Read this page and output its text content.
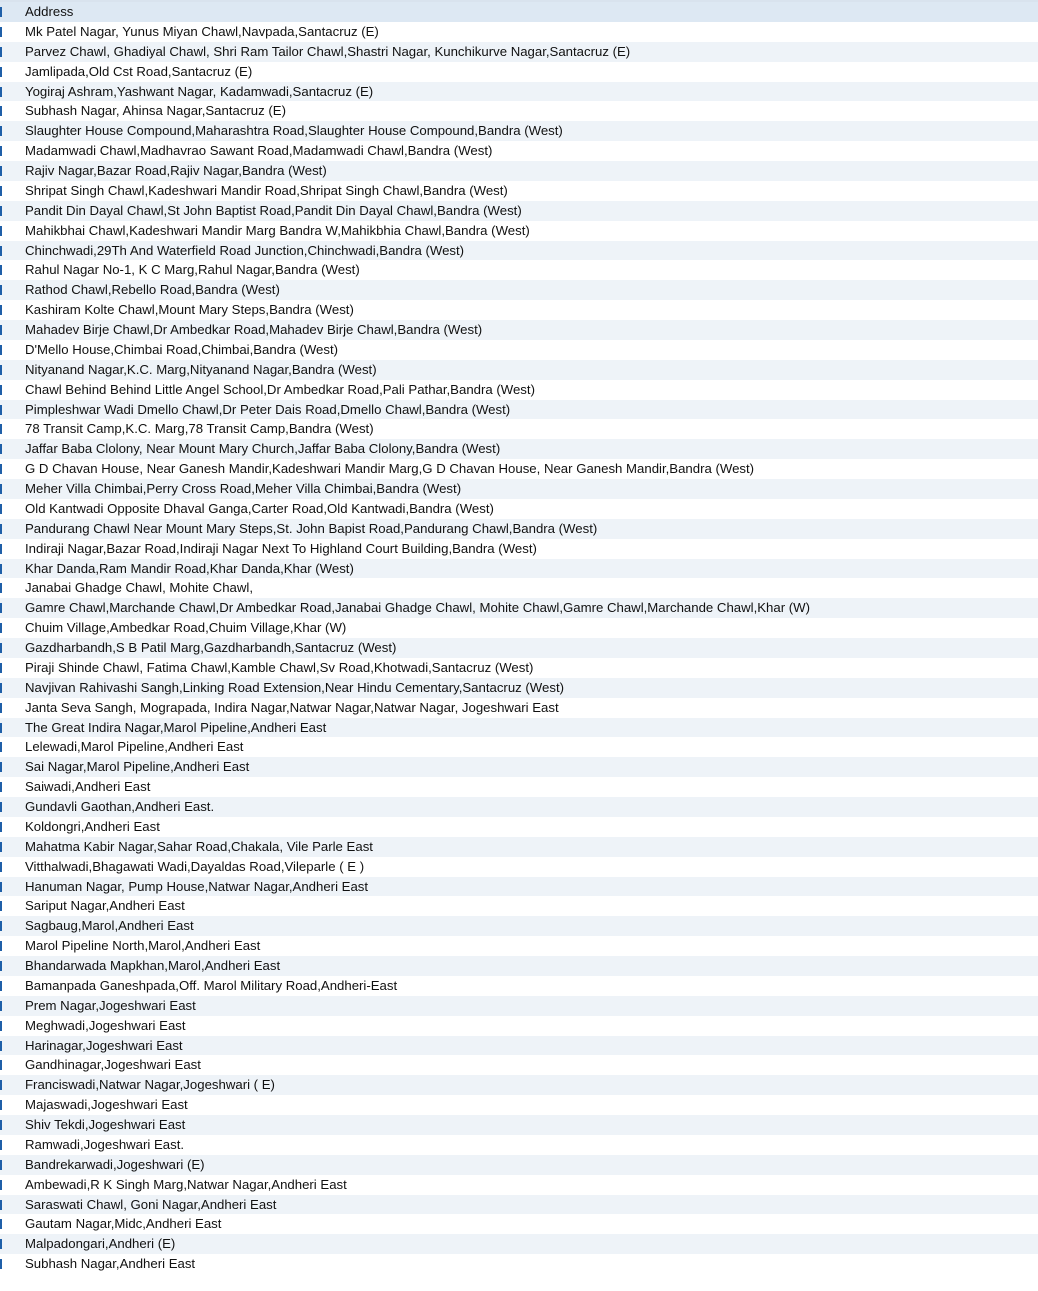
Address
Mk Patel Nagar, Yunus Miyan Chawl,Navpada,Santacruz (E)
Parvez Chawl, Ghadiyal Chawl, Shri Ram Tailor Chawl,Shastri Nagar, Kunchikurve Nagar,Santacruz (E)
Jamlipada,Old Cst Road,Santacruz (E)
Yogiraj Ashram,Yashwant Nagar, Kadamwadi,Santacruz (E)
Subhash Nagar, Ahinsa Nagar,Santacruz (E)
Slaughter House Compound,Maharashtra Road,Slaughter House Compound,Bandra (West)
Madamwadi Chawl,Madhavrao Sawant Road,Madamwadi Chawl,Bandra (West)
Rajiv Nagar,Bazar Road,Rajiv Nagar,Bandra (West)
Shripat Singh Chawl,Kadeshwari Mandir Road,Shripat Singh Chawl,Bandra (West)
Pandit Din Dayal Chawl,St John Baptist Road,Pandit Din Dayal Chawl,Bandra (West)
Mahikbhai Chawl,Kadeshwari Mandir Marg Bandra W,Mahikbhia Chawl,Bandra (West)
Chinchwadi,29Th And Waterfield Road Junction,Chinchwadi,Bandra (West)
Rahul Nagar No-1, K C Marg,Rahul Nagar,Bandra (West)
Rathod Chawl,Rebello Road,Bandra (West)
Kashiram Kolte Chawl,Mount Mary Steps,Bandra (West)
Mahadev Birje Chawl,Dr Ambedkar Road,Mahadev Birje Chawl,Bandra (West)
D'Mello House,Chimbai Road,Chimbai,Bandra (West)
Nityanand Nagar,K.C. Marg,Nityanand Nagar,Bandra (West)
Chawl Behind Behind Little Angel School,Dr Ambedkar Road,Pali Pathar,Bandra (West)
Pimpleshwar Wadi Dmello Chawl,Dr Peter Dais Road,Dmello Chawl,Bandra (West)
78 Transit Camp,K.C. Marg,78 Transit Camp,Bandra (West)
Jaffar Baba Clolony, Near Mount Mary Church,Jaffar Baba Clolony,Bandra (West)
G D Chavan House, Near Ganesh Mandir,Kadeshwari Mandir Marg,G D Chavan House, Near Ganesh Mandir,Bandra (West)
Meher Villa Chimbai,Perry Cross Road,Meher Villa Chimbai,Bandra (West)
Old Kantwadi Opposite Dhaval Ganga,Carter Road,Old Kantwadi,Bandra (West)
Pandurang Chawl Near Mount Mary Steps,St. John Bapist Road,Pandurang Chawl,Bandra (West)
Indiraji Nagar,Bazar Road,Indiraji Nagar Next To Highland Court Building,Bandra (West)
Khar Danda,Ram Mandir Road,Khar Danda,Khar (West)
Janabai Ghadge Chawl, Mohite Chawl,
Gamre Chawl,Marchande Chawl,Dr Ambedkar Road,Janabai Ghadge Chawl, Mohite Chawl,Gamre Chawl,Marchande Chawl,Khar (W)
Chuim Village,Ambedkar Road,Chuim Village,Khar (W)
Gazdharbandh,S B Patil Marg,Gazdharbandh,Santacruz (West)
Piraji Shinde Chawl, Fatima Chawl,Kamble Chawl,Sv Road,Khotwadi,Santacruz (West)
Navjivan Rahivashi Sangh,Linking Road Extension,Near Hindu Cementary,Santacruz (West)
Janta Seva Sangh, Mograpada, Indira Nagar,Natwar Nagar,Natwar Nagar, Jogeshwari East
The Great Indira Nagar,Marol Pipeline,Andheri East
Lelewadi,Marol Pipeline,Andheri East
Sai Nagar,Marol Pipeline,Andheri East
Saiwadi,Andheri East
Gundavli Gaothan,Andheri East.
Koldongri,Andheri East
Mahatma Kabir Nagar,Sahar Road,Chakala, Vile Parle East
Vitthalwadi,Bhagawati Wadi,Dayaldas Road,Vileparle ( E )
Hanuman Nagar, Pump House,Natwar Nagar,Andheri East
Sariput Nagar,Andheri East
Sagbaug,Marol,Andheri East
Marol Pipeline North,Marol,Andheri East
Bhandarwada Mapkhan,Marol,Andheri East
Bamanpada Ganeshpada,Off. Marol Military Road,Andheri-East
Prem Nagar,Jogeshwari East
Meghwadi,Jogeshwari East
Harinagar,Jogeshwari East
Gandhinagar,Jogeshwari East
Franciswadi,Natwar Nagar,Jogeshwari ( E)
Majaswadi,Jogeshwari East
Shiv Tekdi,Jogeshwari East
Ramwadi,Jogeshwari East.
Bandrekarwadi,Jogeshwari (E)
Ambewadi,R K Singh Marg,Natwar Nagar,Andheri East
Saraswati Chawl, Goni Nagar,Andheri East
Gautam Nagar,Midc,Andheri East
Malpadongari,Andheri (E)
Subhash Nagar,Andheri East
